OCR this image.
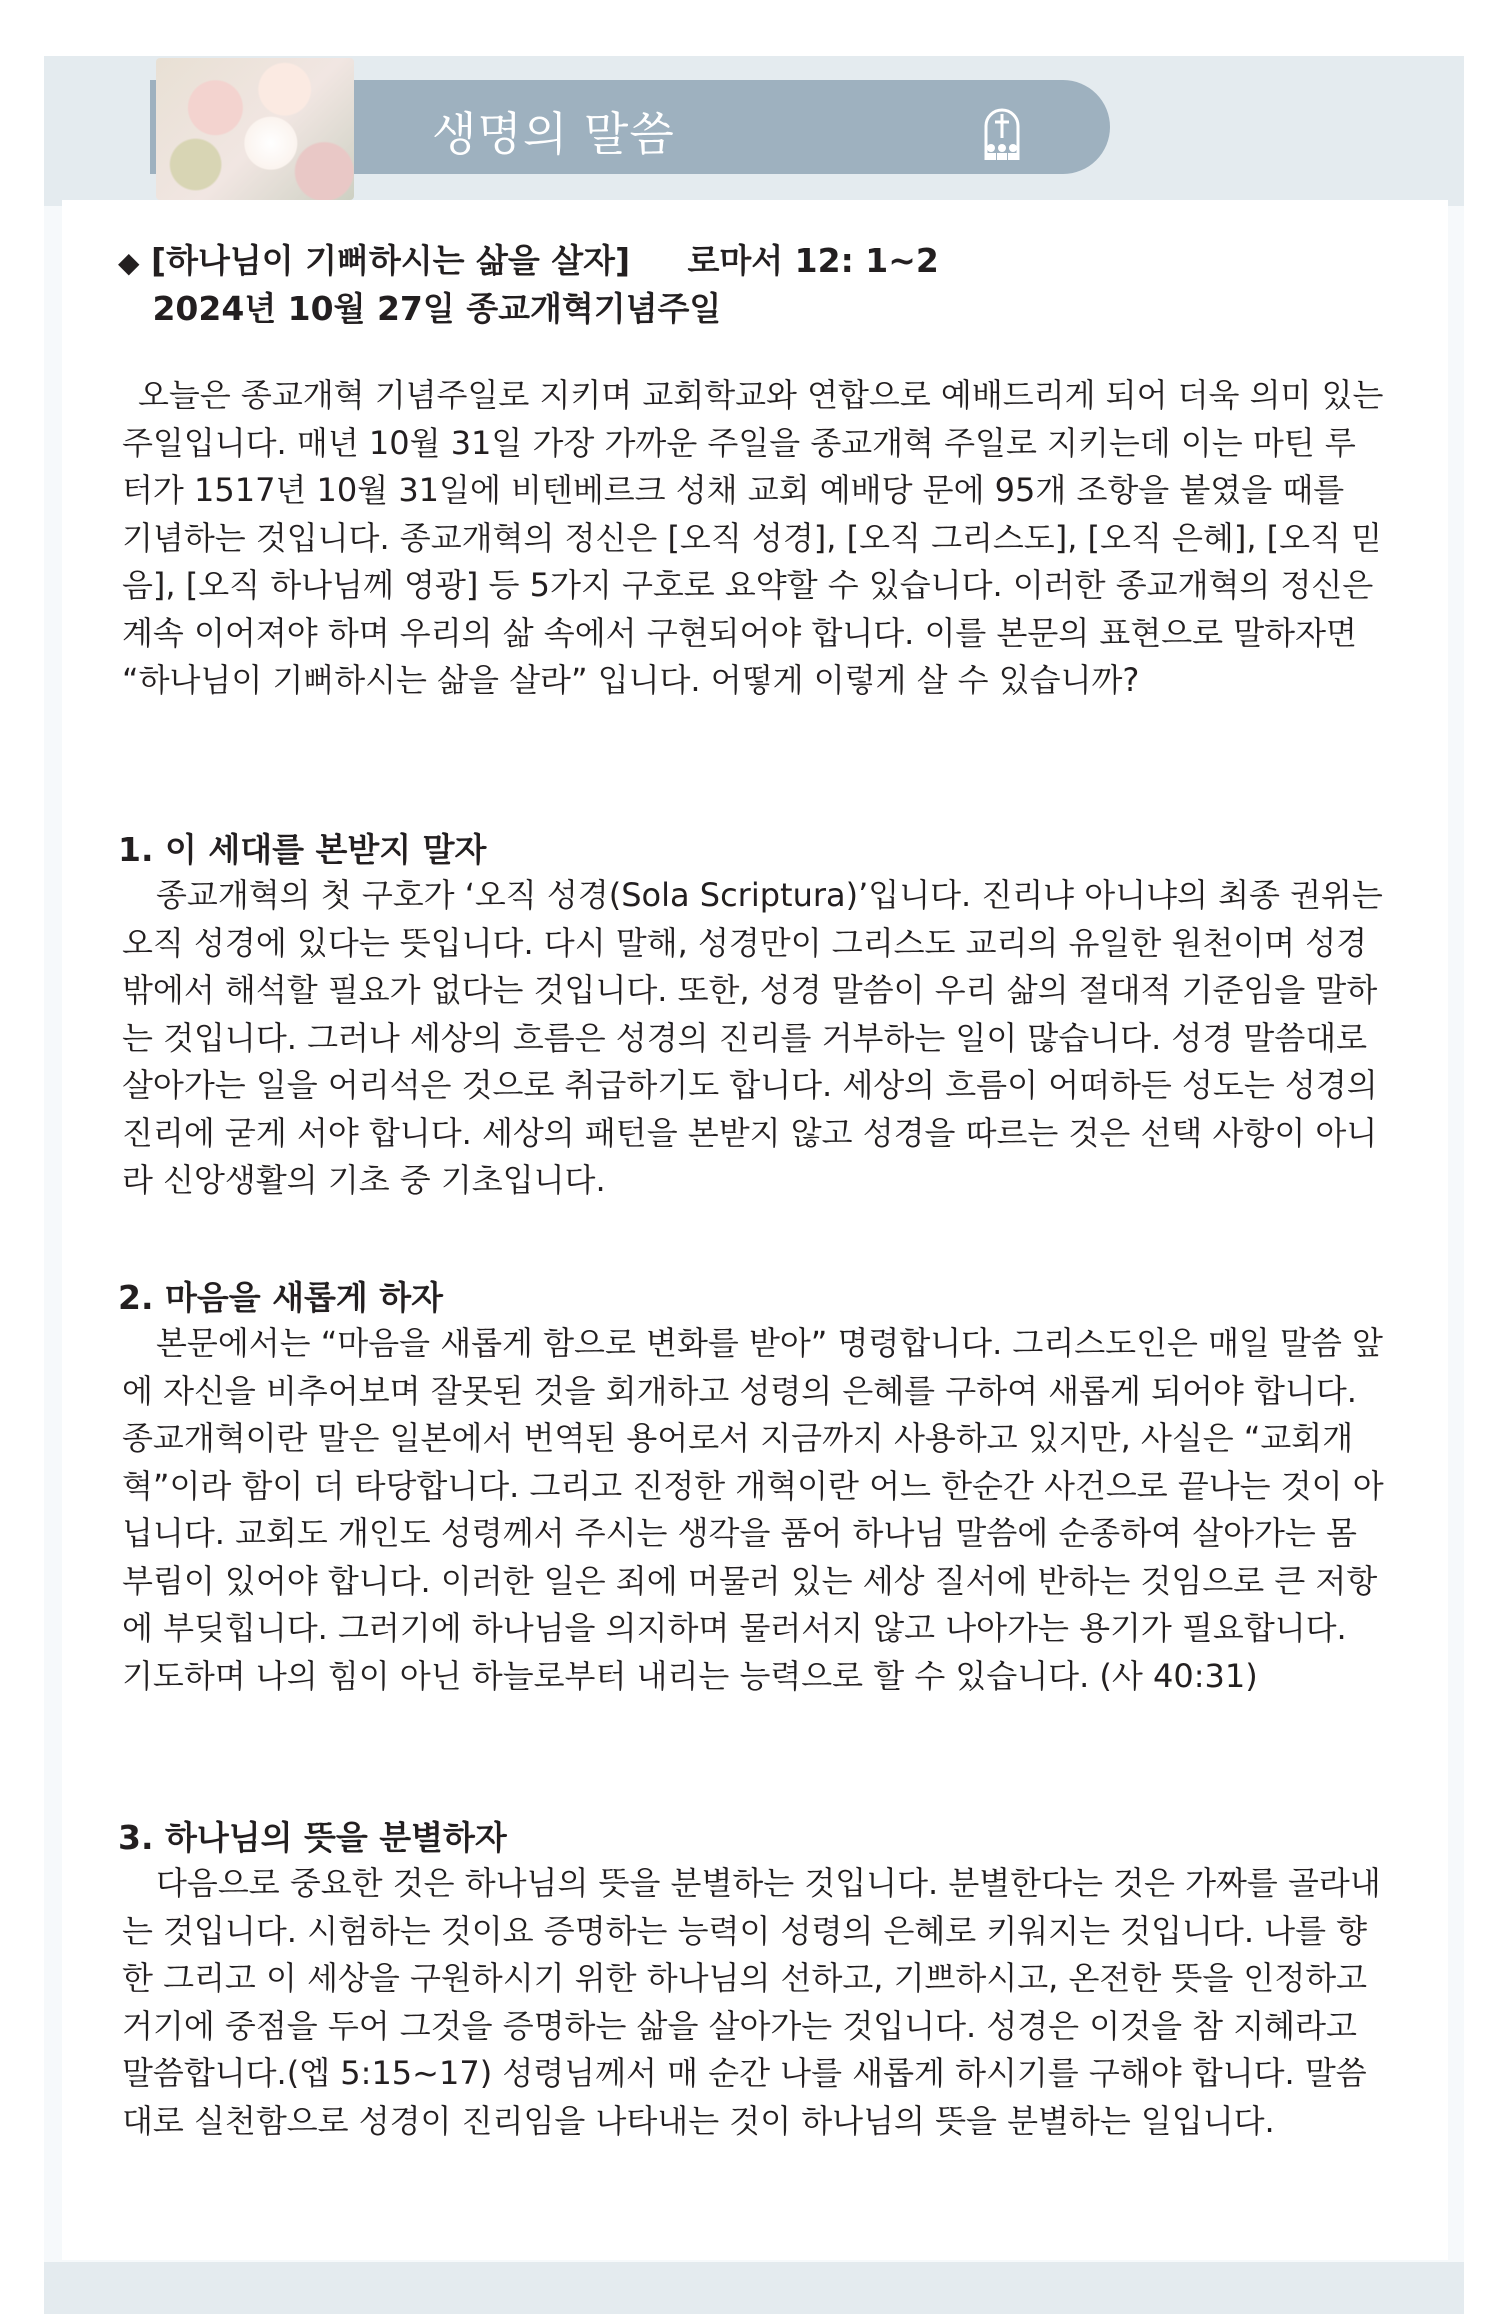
생명의 말씀
◆ [하나님이 기뻐하시는 삶을 살자] 로마서 12: 1~2
2024년 10월 27일 종교개혁기념주일

오늘은 종교개혁 기념주일로 지키며 교회학교와 연합으로 예배드리게 되어 더욱 의미 있는 주일입니다. 매년 10월 31일 가장 가까운 주일을 종교개혁 주일로 지키는데 이는 마틴 루터가 1517년 10월 31일에 비텐베르크 성채 교회 예배당 문에 95개 조항을 붙였을 때를 기념하는 것입니다. 종교개혁의 정신은 [오직 성경], [오직 그리스도], [오직 은혜], [오직 믿음], [오직 하나님께 영광] 등 5가지 구호로 요약할 수 있습니다. 이러한 종교개혁의 정신은 계속 이어져야 하며 우리의 삶 속에서 구현되어야 합니다. 이를 본문의 표현으로 말하자면 “하나님이 기뻐하시는 삶을 살라” 입니다. 어떻게 이렇게 살 수 있습니까?

1. 이 세대를 본받지 말자

종교개혁의 첫 구호가 ‘오직 성경(Sola Scriptura)’입니다. 진리냐 아니냐의 최종 권위는 오직 성경에 있다는 뜻입니다. 다시 말해, 성경만이 그리스도 교리의 유일한 원천이며 성경 밖에서 해석할 필요가 없다는 것입니다. 또한, 성경 말씀이 우리 삶의 절대적 기준임을 말하는 것입니다. 그러나 세상의 흐름은 성경의 진리를 거부하는 일이 많습니다. 성경 말씀대로 살아가는 일을 어리석은 것으로 취급하기도 합니다. 세상의 흐름이 어떠하든 성도는 성경의 진리에 굳게 서야 합니다. 세상의 패턴을 본받지 않고 성경을 따르는 것은 선택 사항이 아니라 신앙생활의 기초 중 기초입니다.

2. 마음을 새롭게 하자

본문에서는 “마음을 새롭게 함으로 변화를 받아” 명령합니다. 그리스도인은 매일 말씀 앞에 자신을 비추어보며 잘못된 것을 회개하고 성령의 은혜를 구하여 새롭게 되어야 합니다. 종교개혁이란 말은 일본에서 번역된 용어로서 지금까지 사용하고 있지만, 사실은 “교회개혁”이라 함이 더 타당합니다. 그리고 진정한 개혁이란 어느 한순간 사건으로 끝나는 것이 아닙니다. 교회도 개인도 성령께서 주시는 생각을 품어 하나님 말씀에 순종하여 살아가는 몸부림이 있어야 합니다. 이러한 일은 죄에 머물러 있는 세상 질서에 반하는 것임으로 큰 저항에 부딪힙니다. 그러기에 하나님을 의지하며 물러서지 않고 나아가는 용기가 필요합니다. 기도하며 나의 힘이 아닌 하늘로부터 내리는 능력으로 할 수 있습니다. (사 40:31)

3. 하나님의 뜻을 분별하자

다음으로 중요한 것은 하나님의 뜻을 분별하는 것입니다. 분별한다는 것은 가짜를 골라내는 것입니다. 시험하는 것이요 증명하는 능력이 성령의 은혜로 키워지는 것입니다. 나를 향한 그리고 이 세상을 구원하시기 위한 하나님의 선하고, 기쁘하시고, 온전한 뜻을 인정하고 거기에 중점을 두어 그것을 증명하는 삶을 살아가는 것입니다. 성경은 이것을 참 지혜라고 말씀합니다.(엡 5:15~17) 성령님께서 매 순간 나를 새롭게 하시기를 구해야 합니다. 말씀대로 실천함으로 성경이 진리임을 나타내는 것이 하나님의 뜻을 분별하는 일입니다.
